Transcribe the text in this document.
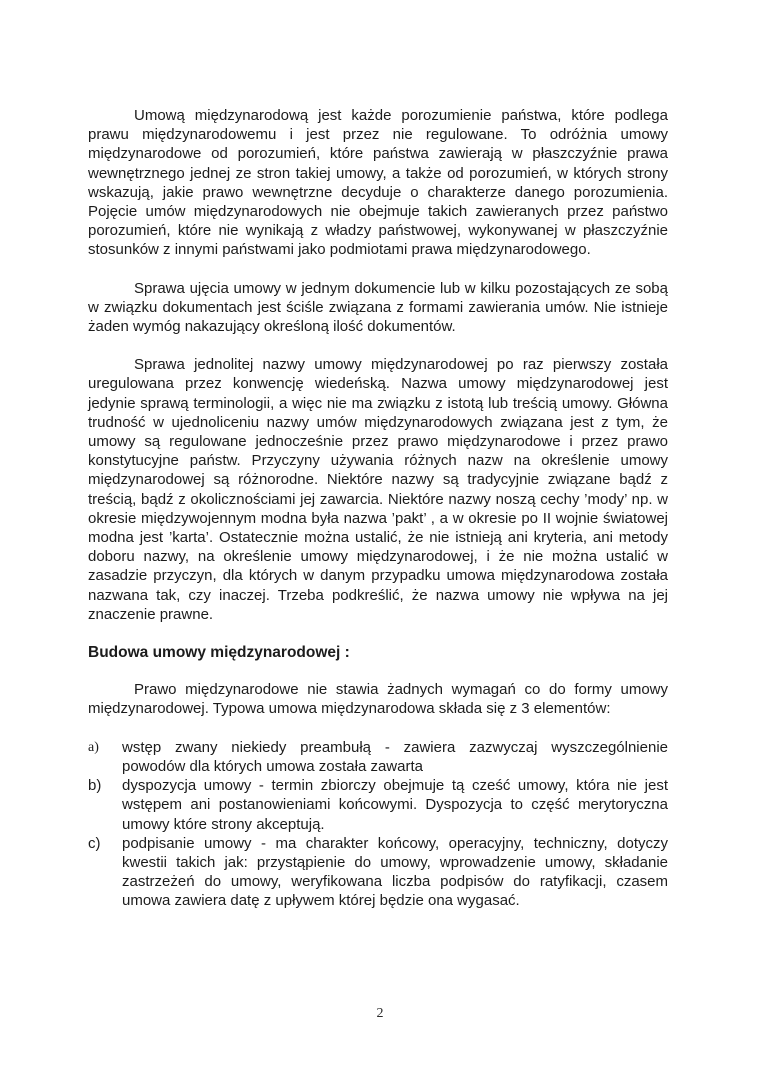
Umową międzynarodową jest każde porozumienie państwa, które podlega prawu międzynarodowemu i jest przez nie regulowane. To odróżnia umowy międzynarodowe od porozumień, które państwa zawierają w płaszczyźnie prawa wewnętrznego jednej ze stron takiej umowy, a także od porozumień, w których strony wskazują, jakie prawo wewnętrzne decyduje o charakterze danego porozumienia. Pojęcie umów międzynarodowych nie obejmuje takich zawieranych przez państwo porozumień, które nie wynikają z władzy państwowej, wykonywanej w płaszczyźnie stosunków z innymi państwami jako podmiotami prawa międzynarodowego.

Sprawa ujęcia umowy w jednym dokumencie lub w kilku pozostających ze sobą w związku dokumentach jest ściśle związana z formami zawierania umów. Nie istnieje żaden wymóg nakazujący określoną ilość dokumentów.

Sprawa jednolitej nazwy umowy międzynarodowej po raz pierwszy została uregulowana przez konwencję wiedeńską. Nazwa umowy międzynarodowej jest jedynie sprawą terminologii, a więc nie ma związku z istotą lub treścią umowy. Główna trudność w ujednoliceniu nazwy umów międzynarodowych związana jest z tym, że umowy są regulowane jednocześnie przez prawo międzynarodowe i przez prawo konstytucyjne państw. Przyczyny używania różnych nazw na określenie umowy międzynarodowej są różnorodne. Niektóre nazwy są tradycyjnie związane bądź z treścią, bądź z okolicznościami jej zawarcia. Niektóre nazwy noszą cechy ’mody’ np. w okresie międzywojennym modna była nazwa ’pakt’ , a w okresie po II wojnie światowej modna jest ’karta’. Ostatecznie można ustalić, że nie istnieją ani kryteria, ani metody doboru nazwy, na określenie umowy międzynarodowej, i że nie można ustalić w zasadzie przyczyn, dla których w danym przypadku umowa międzynarodowa została nazwana tak, czy inaczej. Trzeba podkreślić, że nazwa umowy nie wpływa na jej znaczenie prawne.

Budowa umowy międzynarodowej :

Prawo międzynarodowe nie stawia żadnych wymagań co do formy umowy międzynarodowej. Typowa umowa międzynarodowa składa się z 3 elementów:

a) wstęp zwany niekiedy preambułą - zawiera zazwyczaj wyszczególnienie powodów dla których umowa została zawarta
b) dyspozycja umowy - termin zbiorczy obejmuje tą cześć umowy, która nie jest wstępem ani postanowieniami końcowymi. Dyspozycja to część merytoryczna umowy które strony akceptują.
c) podpisanie umowy - ma charakter końcowy, operacyjny, techniczny, dotyczy kwestii takich jak: przystąpienie do umowy, wprowadzenie umowy, składanie zastrzeżeń do umowy, weryfikowana liczba podpisów do ratyfikacji, czasem umowa zawiera datę z upływem której będzie ona wygasać.
2
